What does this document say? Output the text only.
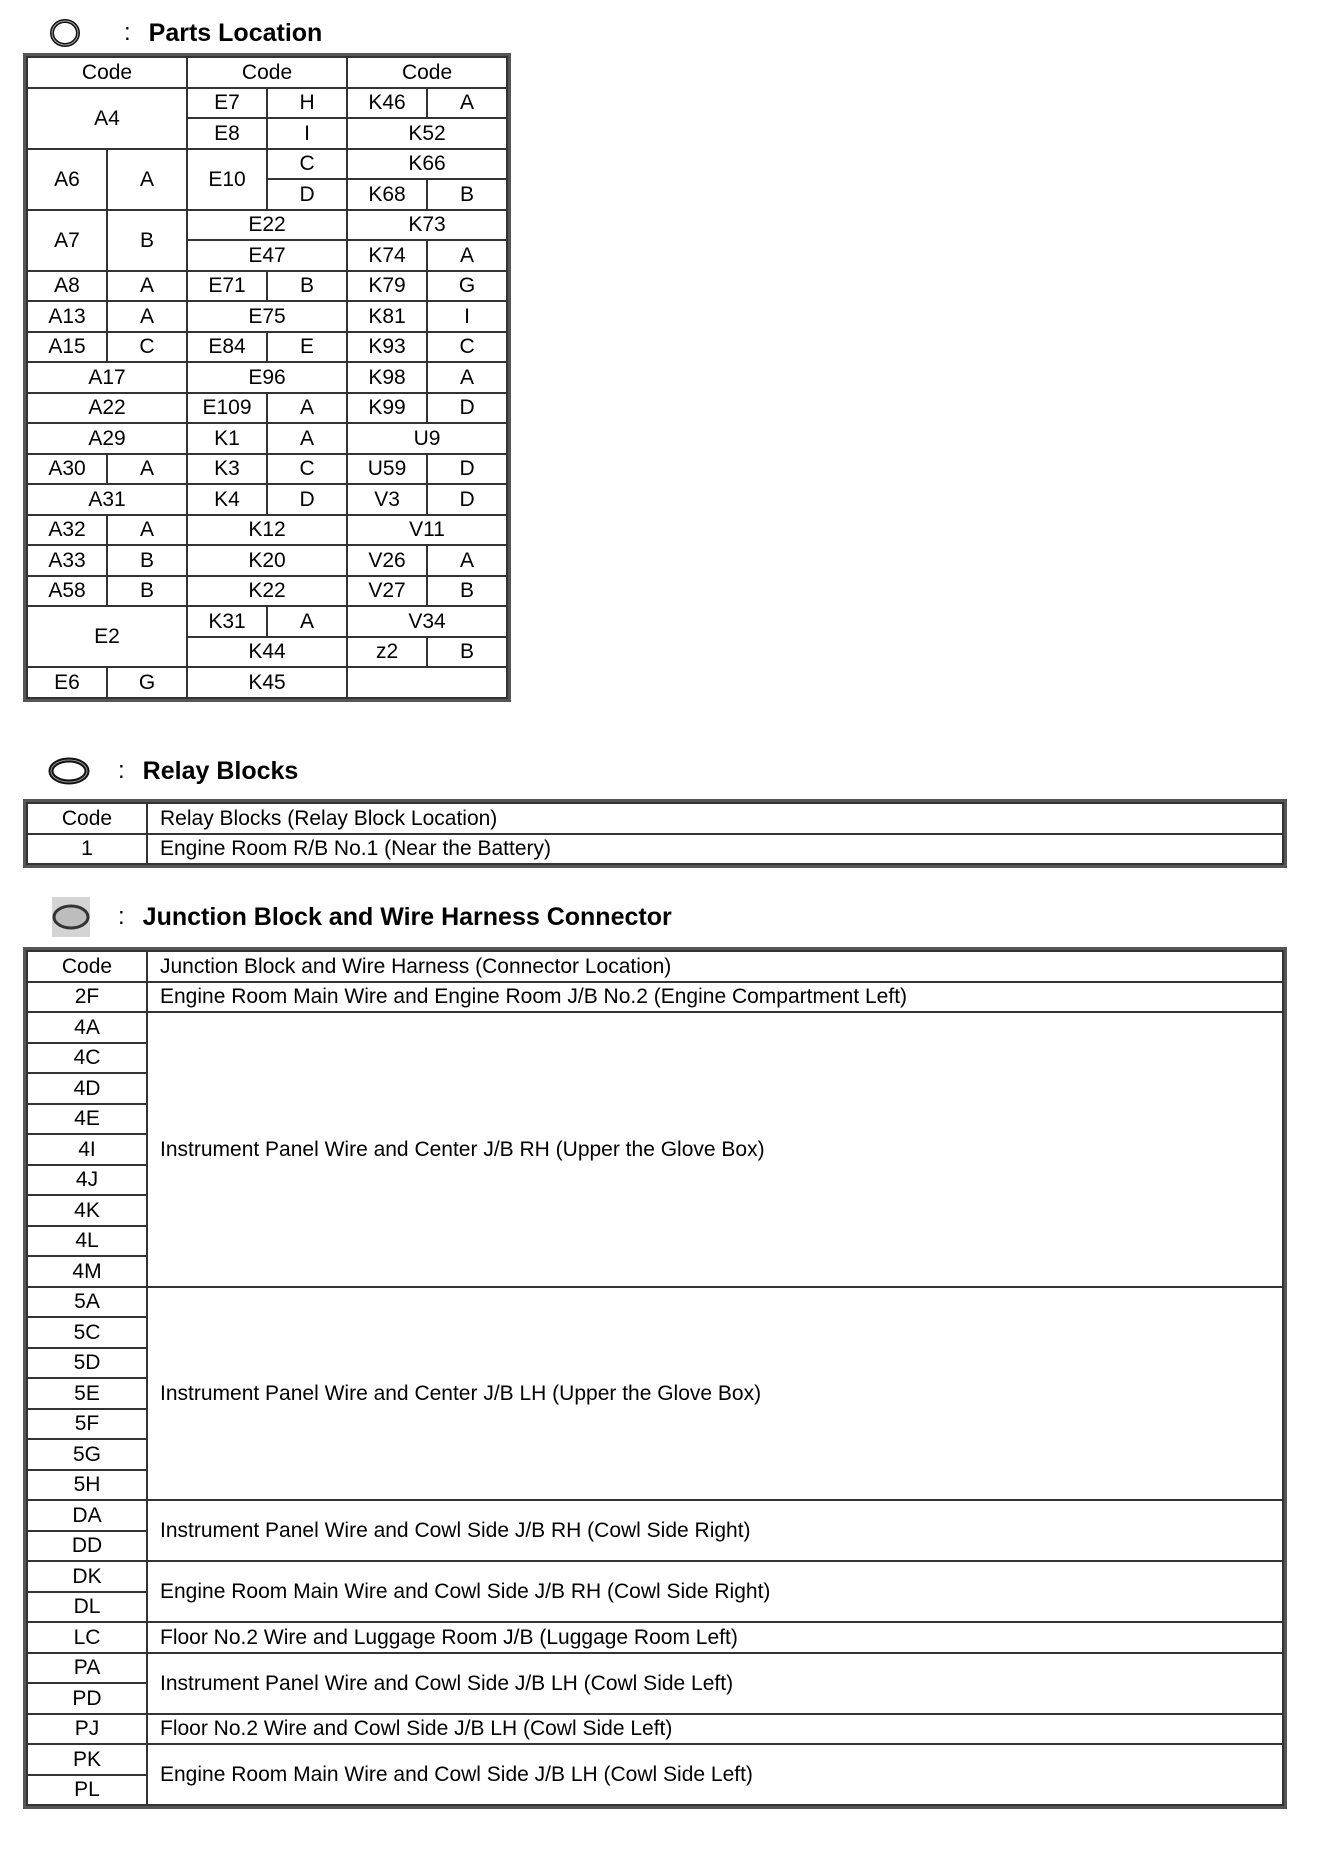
: Parts Location
Code		Code		Code	
A4		E7	H	K46	A
		E8	I	K52	
A6	A	E10	C	K66	
			D	K68	B
A7	B	E22		K73	
		E47		K74	A
A8	A	E71	B	K79	G
A13	A	E75		K81	I
A15	C	E84	E	K93	C
A17		E96		K98	A
A22		E109	A	K99	D
A29		K1	A	U9	
A30	A	K3	C	U59	D
A31		K4	D	V3	D
A32	A	K12		V11	
A33	B	K20		V26	A
A58	B	K22		V27	B
E2		K31	A	V34	
		K44		z2	B
E6	G	K45			
: Relay Blocks
Code	Relay Blocks (Relay Block Location)
1	Engine Room R/B No.1 (Near the Battery)
: Junction Block and Wire Harness Connector
Code	Junction Block and Wire Harness (Connector Location)
2F	Engine Room Main Wire and Engine Room J/B No.2 (Engine Compartment Left)
4A	Instrument Panel Wire and Center J/B RH (Upper the Glove Box)
4C	
4D	
4E	
4I	
4J	
4K	
4L	
4M	
5A	Instrument Panel Wire and Center J/B LH (Upper the Glove Box)
5C	
5D	
5E	
5F	
5G	
5H	
DA	Instrument Panel Wire and Cowl Side J/B RH (Cowl Side Right)
DD	
DK	Engine Room Main Wire and Cowl Side J/B RH (Cowl Side Right)
DL	
LC	Floor No.2 Wire and Luggage Room J/B (Luggage Room Left)
PA	Instrument Panel Wire and Cowl Side J/B LH (Cowl Side Left)
PD	
PJ	Floor No.2 Wire and Cowl Side J/B LH (Cowl Side Left)
PK	Engine Room Main Wire and Cowl Side J/B LH (Cowl Side Left)
PL	
